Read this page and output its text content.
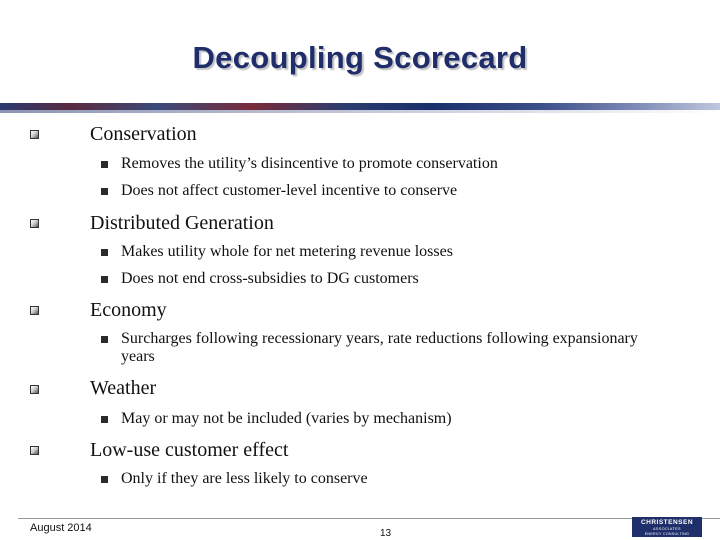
Decoupling Scorecard
Conservation
Removes the utility’s disincentive to promote conservation
Does not affect customer-level incentive to conserve
Distributed Generation
Makes utility whole for net metering revenue losses
Does not end cross-subsidies to DG customers
Economy
Surcharges following recessionary years, rate reductions following expansionary years
Weather
May or may not be included (varies by mechanism)
Low-use customer effect
Only if they are less likely to conserve
August 2014	13
CHRISTENSEN
ASSOCIATES
ENERGY CONSULTING
